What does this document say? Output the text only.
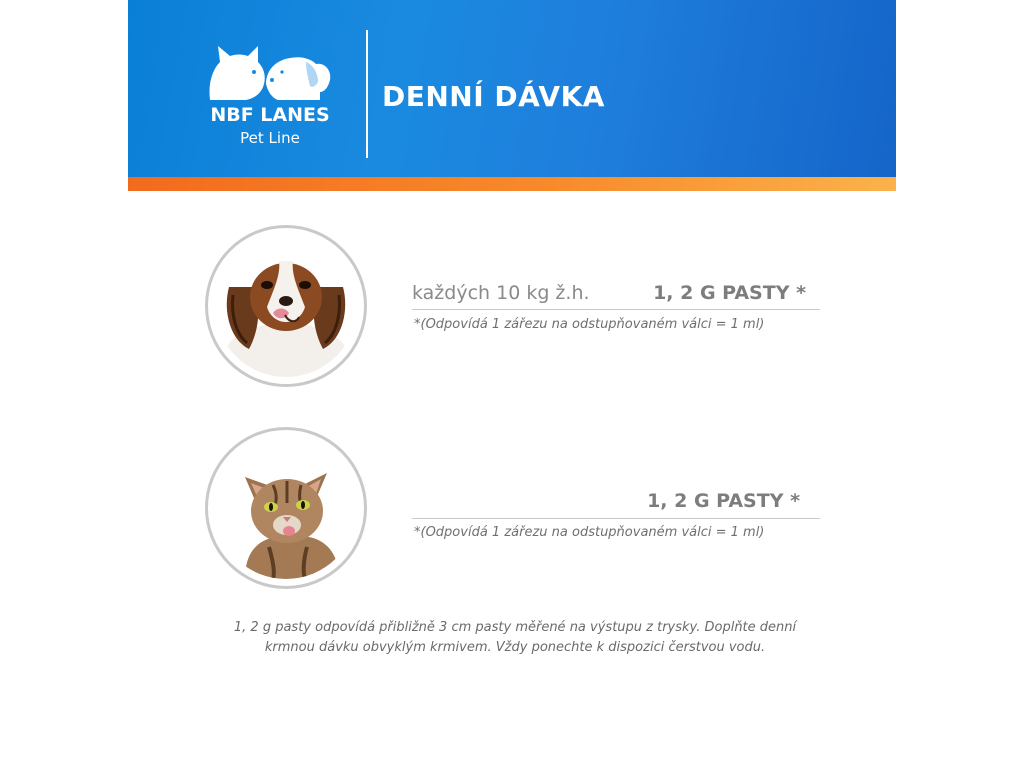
NBF LANES
Pet Line
DENNÍ DÁVKA
každých 10 kg ž.h.	1, 2 G PASTY *
*(Odpovídá 1 zářezu na odstupňovaném válci = 1 ml)
1, 2 G PASTY *
*(Odpovídá 1 zářezu na odstupňovaném válci = 1 ml)
1, 2 g pasty odpovídá přibližně 3 cm pasty měřené na výstupu z trysky. Doplňte denní
krmnou dávku obvyklým krmivem. Vždy ponechte k dispozici čerstvou vodu.
